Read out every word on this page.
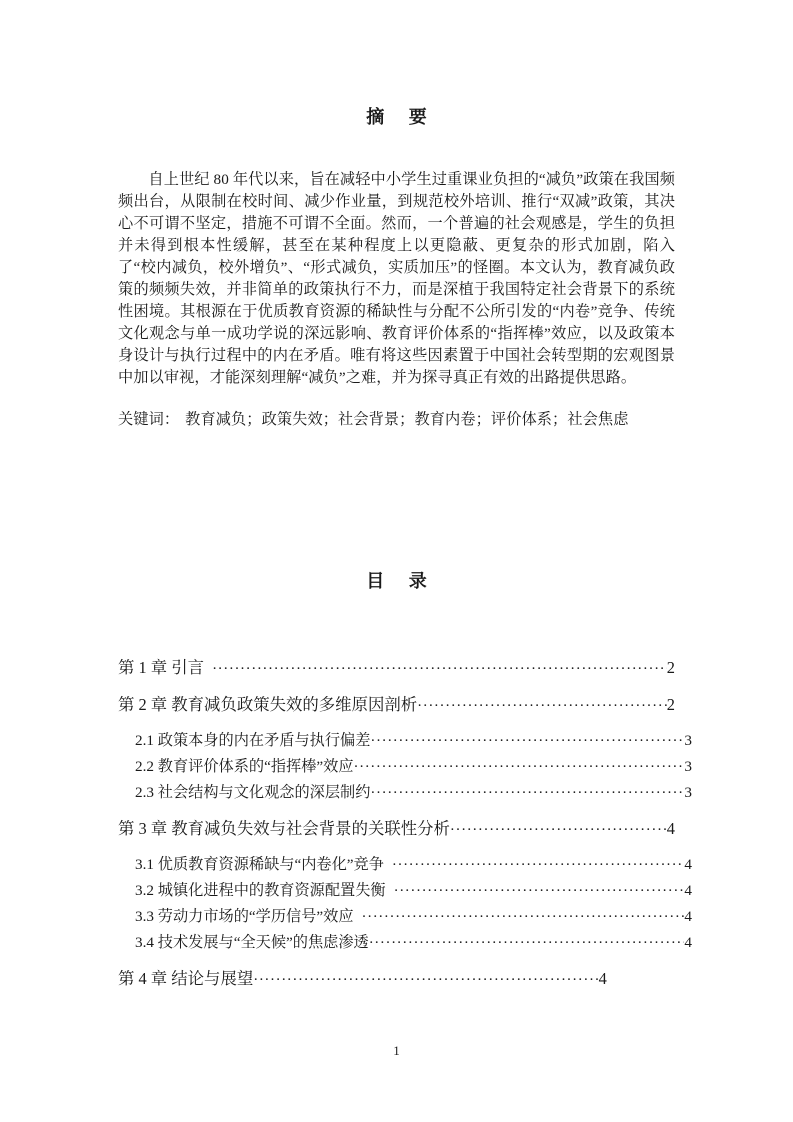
摘 要

自上世纪 80 年代以来，旨在减轻中小学生过重课业负担的“减负”政策在我国频频出台，从限制在校时间、减少作业量，到规范校外培训、推行“双减”政策，其决心不可谓不坚定，措施不可谓不全面。然而，一个普遍的社会观感是，学生的负担并未得到根本性缓解，甚至在某种程度上以更隐蔽、更复杂的形式加剧，陷入了“校内减负，校外增负”、“形式减负，实质加压”的怪圈。本文认为，教育减负政策的频频失效，并非简单的政策执行不力，而是深植于我国特定社会背景下的系统性困境。其根源在于优质教育资源的稀缺性与分配不公所引发的“内卷”竞争、传统文化观念与单一成功学说的深远影响、教育评价体系的“指挥棒”效应，以及政策本身设计与执行过程中的内在矛盾。唯有将这些因素置于中国社会转型期的宏观图景中加以审视，才能深刻理解“减负”之难，并为探寻真正有效的出路提供思路。

关键词： 教育减负；政策失效；社会背景；教育内卷；评价体系；社会焦虑

目 录
第 1 章 引言 ·····	2
第 2 章 教育减负政策失效的多维原因剖析 ·····	2
2.1 政策本身的内在矛盾与执行偏差 ·····	3
2.2 教育评价体系的“指挥棒”效应 ·····	3
2.3 社会结构与文化观念的深层制约 ·····	3
第 3 章 教育减负失效与社会背景的关联性分析 ·····	4
3.1 优质教育资源稀缺与“内卷化”竞争 ·····	4
3.2 城镇化进程中的教育资源配置失衡 ·····	4
3.3 劳动力市场的“学历信号”效应 ·····	4
3.4 技术发展与“全天候”的焦虑渗透 ·····	4
第 4 章 结论与展望 ·····	4
1
